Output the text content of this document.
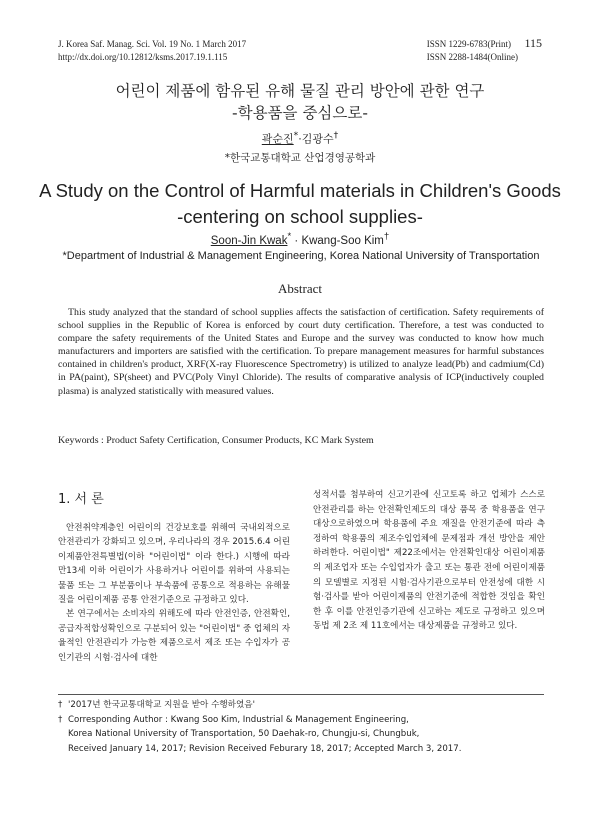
J. Korea Saf. Manag. Sci. Vol. 19 No. 1 March 2017
http://dx.doi.org/10.12812/ksms.2017.19.1.115
ISSN 1229-6783(Print)
ISSN 2288-1484(Online)
115
어린이 제품에 함유된 유해 물질 관리 방안에 관한 연구
-학용품을 중심으로-
곽순진*·김광수†
*한국교통대학교 산업경영공학과
A Study on the Control of Harmful materials in Children's Goods
-centering on school supplies-
Soon-Jin Kwak* · Kwang-Soo Kim†
*Department of Industrial & Management Engineering, Korea National University of Transportation
Abstract

This study analyzed that the standard of school supplies affects the satisfaction of certification. Safety requirements of school supplies in the Republic of Korea is enforced by court duty certification. Therefore, a test was conducted to compare the safety requirements of the United States and Europe and the survey was conducted to know how much manufacturers and importers are satisfied with the certification. To prepare management measures for harmful substances contained in children's product, XRF(X-ray Fluorescence Spectrometry) is utilized to analyze lead(Pb) and cadmium(Cd) in PA(paint), SP(sheet) and PVC(Poly Vinyl Chloride). The results of comparative analysis of ICP(inductively coupled plasma) is analyzed statistically with measured values.

Keywords : Product Safety Certification, Consumer Products, KC Mark System
1. 서 론

안전취약계층인 어린이의 건강보호를 위해여 국내외적으로 안전관리가 강화되고 있으며, 우리나라의 경우 2015.6.4 어린이제품안전특별법(이하 "어린이법" 이라 한다.) 시행에 따라 만13세 이하 어린이가 사용하거나 어린이를 위하여 사용되는 물품 또는 그 부분품이나 부속품에 공통으로 적용하는 유해물질을 어린이제품 공통 안전기준으로 규정하고 있다.

본 연구에서는 소비자의 위해도에 따라 안전인증, 안전확인, 공급자적합성확인으로 구분되어 있는 "어린이법" 중 업체의 자율적인 안전관리가 가능한 제품으로서 제조 또는 수입자가 공인기관의 시험·검사에 대한

성적서를 첨부하여 신고기관에 신고토록 하고 업체가 스스로 안전관리를 하는 안전확인제도의 대상 품목 중 학용품을 연구 대상으로하였으며 학용품에 주요 재질을 안전기준에 따라 측정하여 학용품의 제조수입업체에 문제점과 개선 방안을 제안하려한다. 어린이법" 제22조에서는 안전확인대상 어린이제품의 제조업자 또는 수입업자가 출고 또는 통관 전에 어린이제품의 모델별로 지정된 시험·검사기관으로부터 안전성에 대한 시험·검사를 받아 어린이제품의 안전기준에 적합한 것임을 확인한 후 이를 안전인증기관에 신고하는 제도로 규정하고 있으며 동법 제 2조 제 11호에서는 대상제품을 규정하고 있다.

† '2017년 한국교통대학교 지원을 받아 수행하였음'
† Corresponding Author : Kwang Soo Kim, Industrial & Management Engineering,
Korea National University of Transportation, 50 Daehak-ro, Chungju-si, Chungbuk,
Received January 14, 2017; Revision Received Feburary 18, 2017; Accepted March 3, 2017.
